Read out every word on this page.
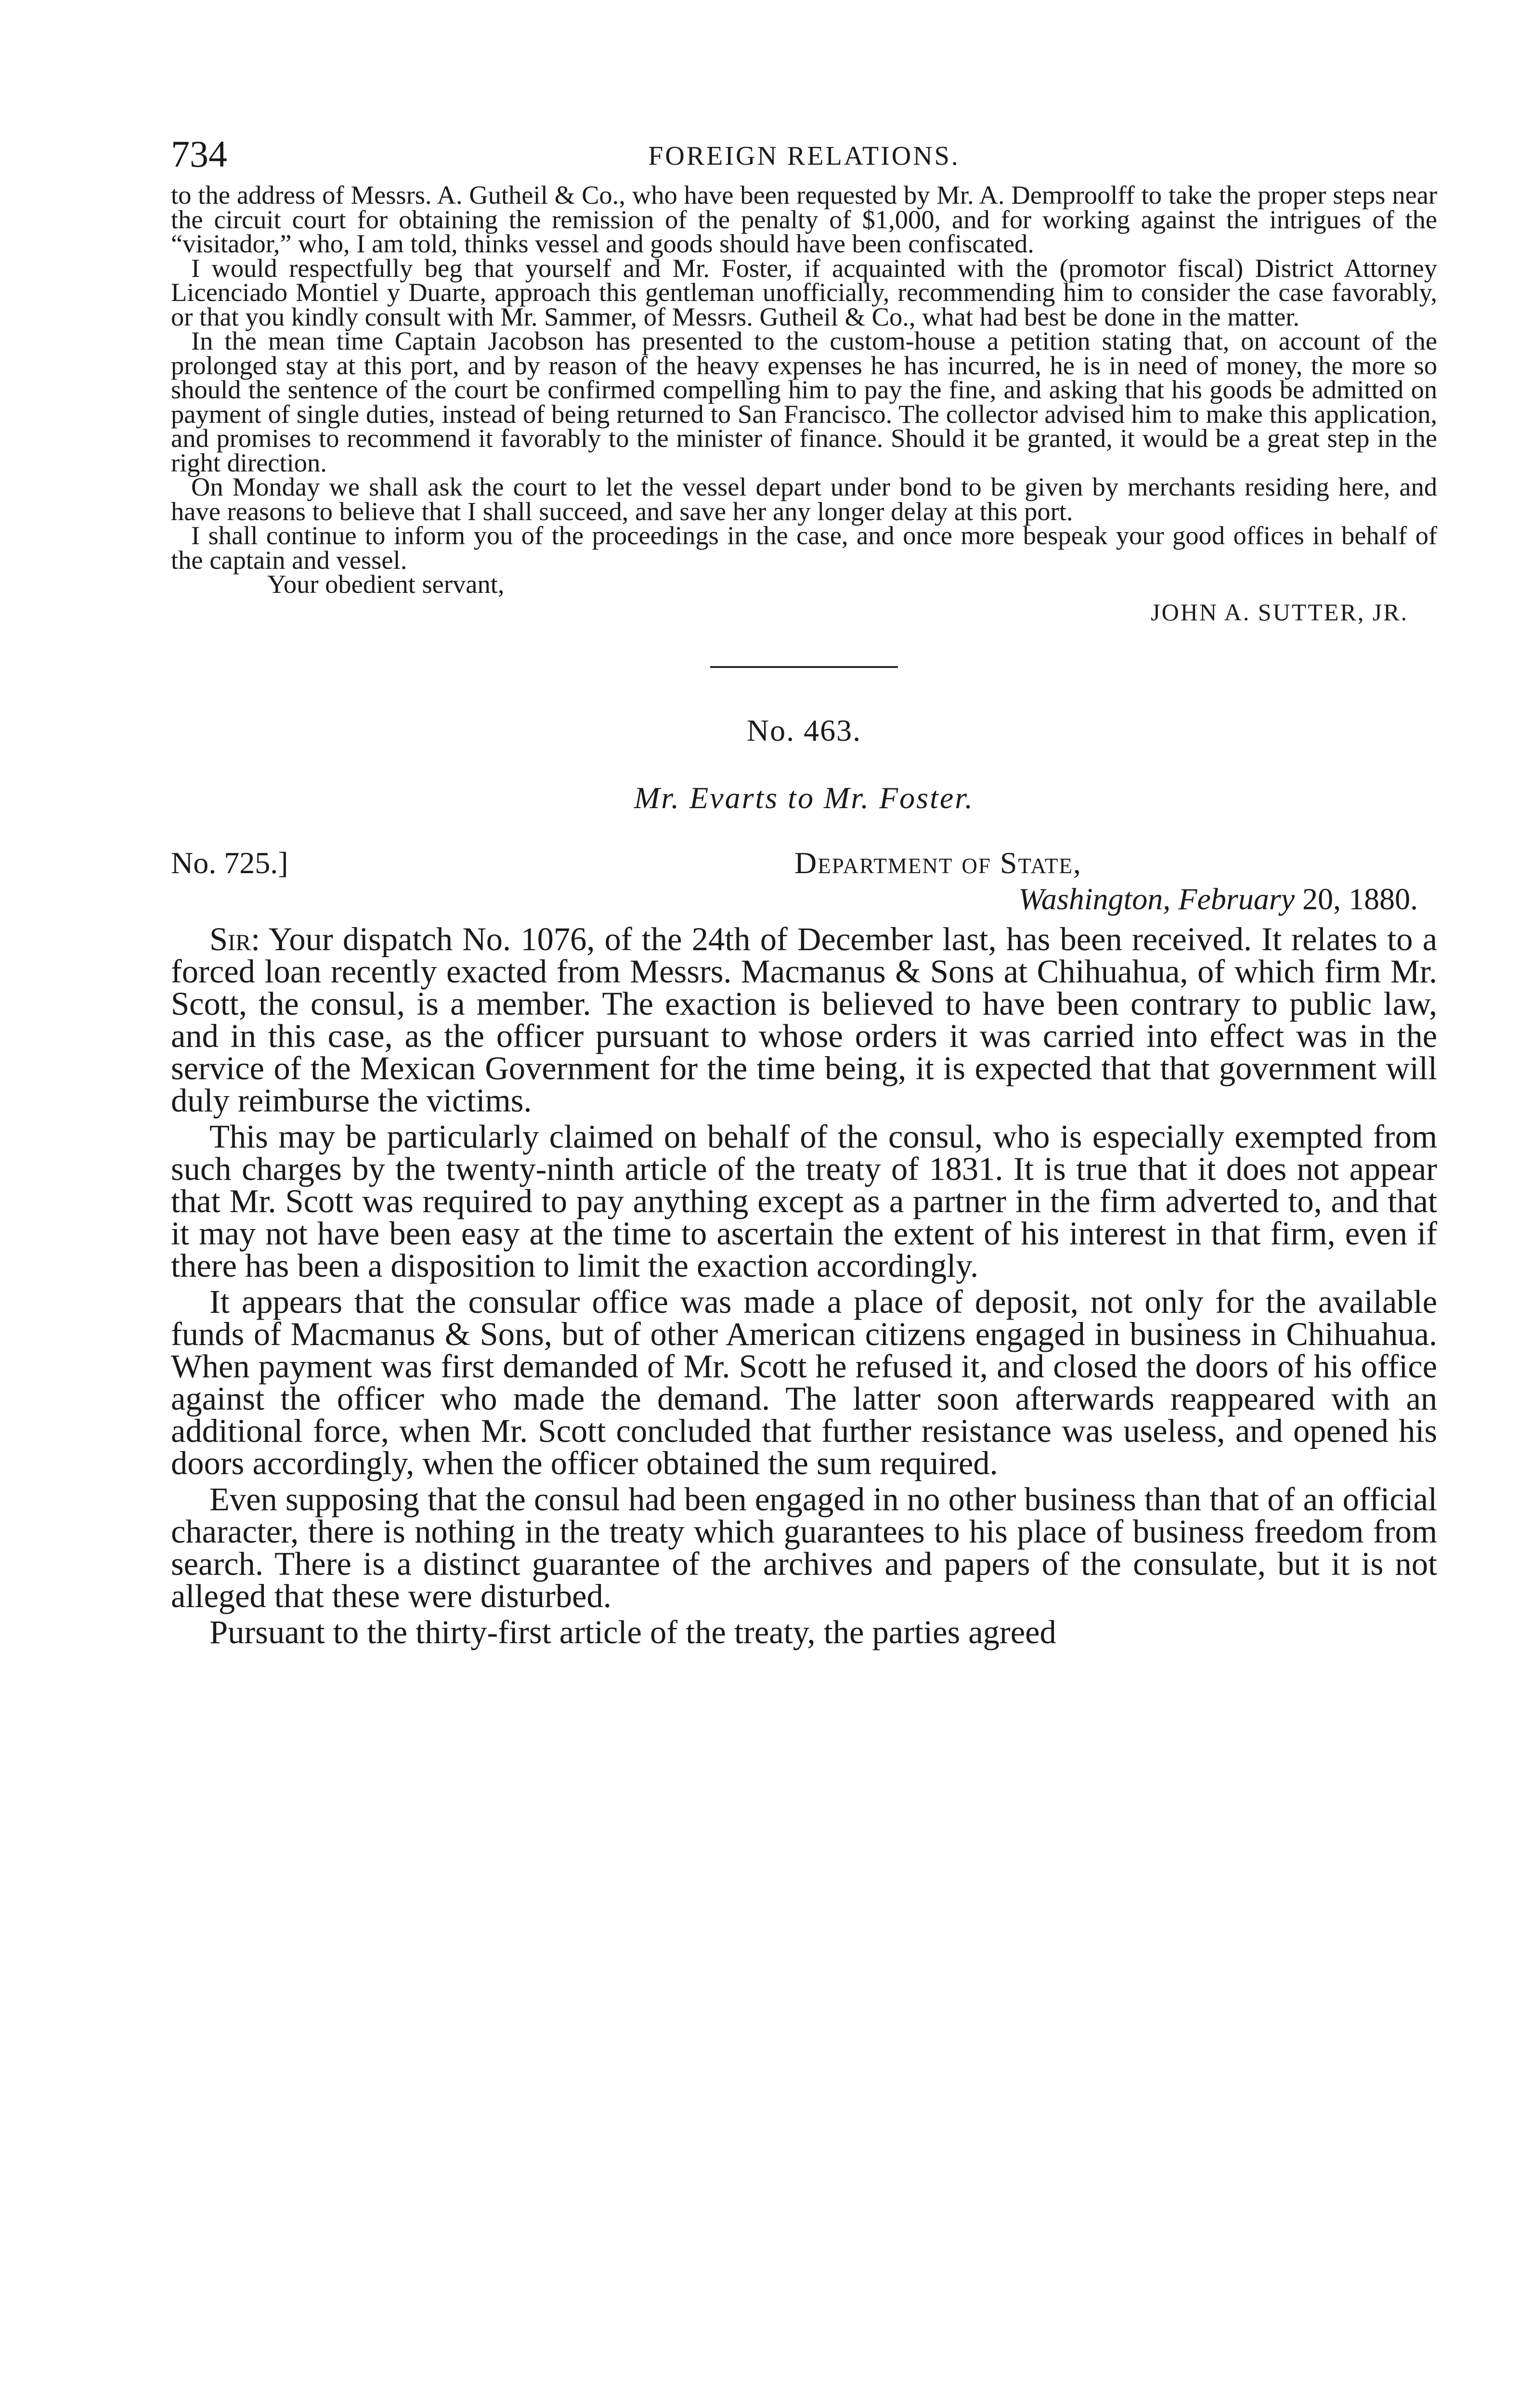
734	FOREIGN RELATIONS.

to the address of Messrs. A. Gutheil & Co., who have been requested by Mr. A. Demproolff to take the proper steps near the circuit court for obtaining the remission of the penalty of $1,000, and for working against the intrigues of the “visitador,” who, I am told, thinks vessel and goods should have been confiscated.

I would respectfully beg that yourself and Mr. Foster, if acquainted with the (promotor fiscal) District Attorney Licenciado Montiel y Duarte, approach this gentleman unofficially, recommending him to consider the case favorably, or that you kindly consult with Mr. Sammer, of Messrs. Gutheil & Co., what had best be done in the matter.

In the mean time Captain Jacobson has presented to the custom-house a petition stating that, on account of the prolonged stay at this port, and by reason of the heavy expenses he has incurred, he is in need of money, the more so should the sentence of the court be confirmed compelling him to pay the fine, and asking that his goods be admitted on payment of single duties, instead of being returned to San Francisco. The collector advised him to make this application, and promises to recommend it favorably to the minister of finance. Should it be granted, it would be a great step in the right direction.

On Monday we shall ask the court to let the vessel depart under bond to be given by merchants residing here, and have reasons to believe that I shall succeed, and save her any longer delay at this port.

I shall continue to inform you of the proceedings in the case, and once more bespeak your good offices in behalf of the captain and vessel.

Your obedient servant,
JOHN A. SUTTER, JR.
No. 463.
Mr. Evarts to Mr. Foster.
No. 725.]	Department of State,
Washington, February 20, 1880.

Sir: Your dispatch No. 1076, of the 24th of December last, has been received. It relates to a forced loan recently exacted from Messrs. Macmanus & Sons at Chihuahua, of which firm Mr. Scott, the consul, is a member. The exaction is believed to have been contrary to public law, and in this case, as the officer pursuant to whose orders it was carried into effect was in the service of the Mexican Government for the time being, it is expected that that government will duly reimburse the victims.

This may be particularly claimed on behalf of the consul, who is especially exempted from such charges by the twenty-ninth article of the treaty of 1831. It is true that it does not appear that Mr. Scott was required to pay anything except as a partner in the firm adverted to, and that it may not have been easy at the time to ascertain the extent of his interest in that firm, even if there has been a disposition to limit the exaction accordingly.

It appears that the consular office was made a place of deposit, not only for the available funds of Macmanus & Sons, but of other American citizens engaged in business in Chihuahua. When payment was first demanded of Mr. Scott he refused it, and closed the doors of his office against the officer who made the demand. The latter soon afterwards reappeared with an additional force, when Mr. Scott concluded that further resistance was useless, and opened his doors accordingly, when the officer obtained the sum required.

Even supposing that the consul had been engaged in no other business than that of an official character, there is nothing in the treaty which guarantees to his place of business freedom from search. There is a distinct guarantee of the archives and papers of the consulate, but it is not alleged that these were disturbed.

Pursuant to the thirty-first article of the treaty, the parties agreed
